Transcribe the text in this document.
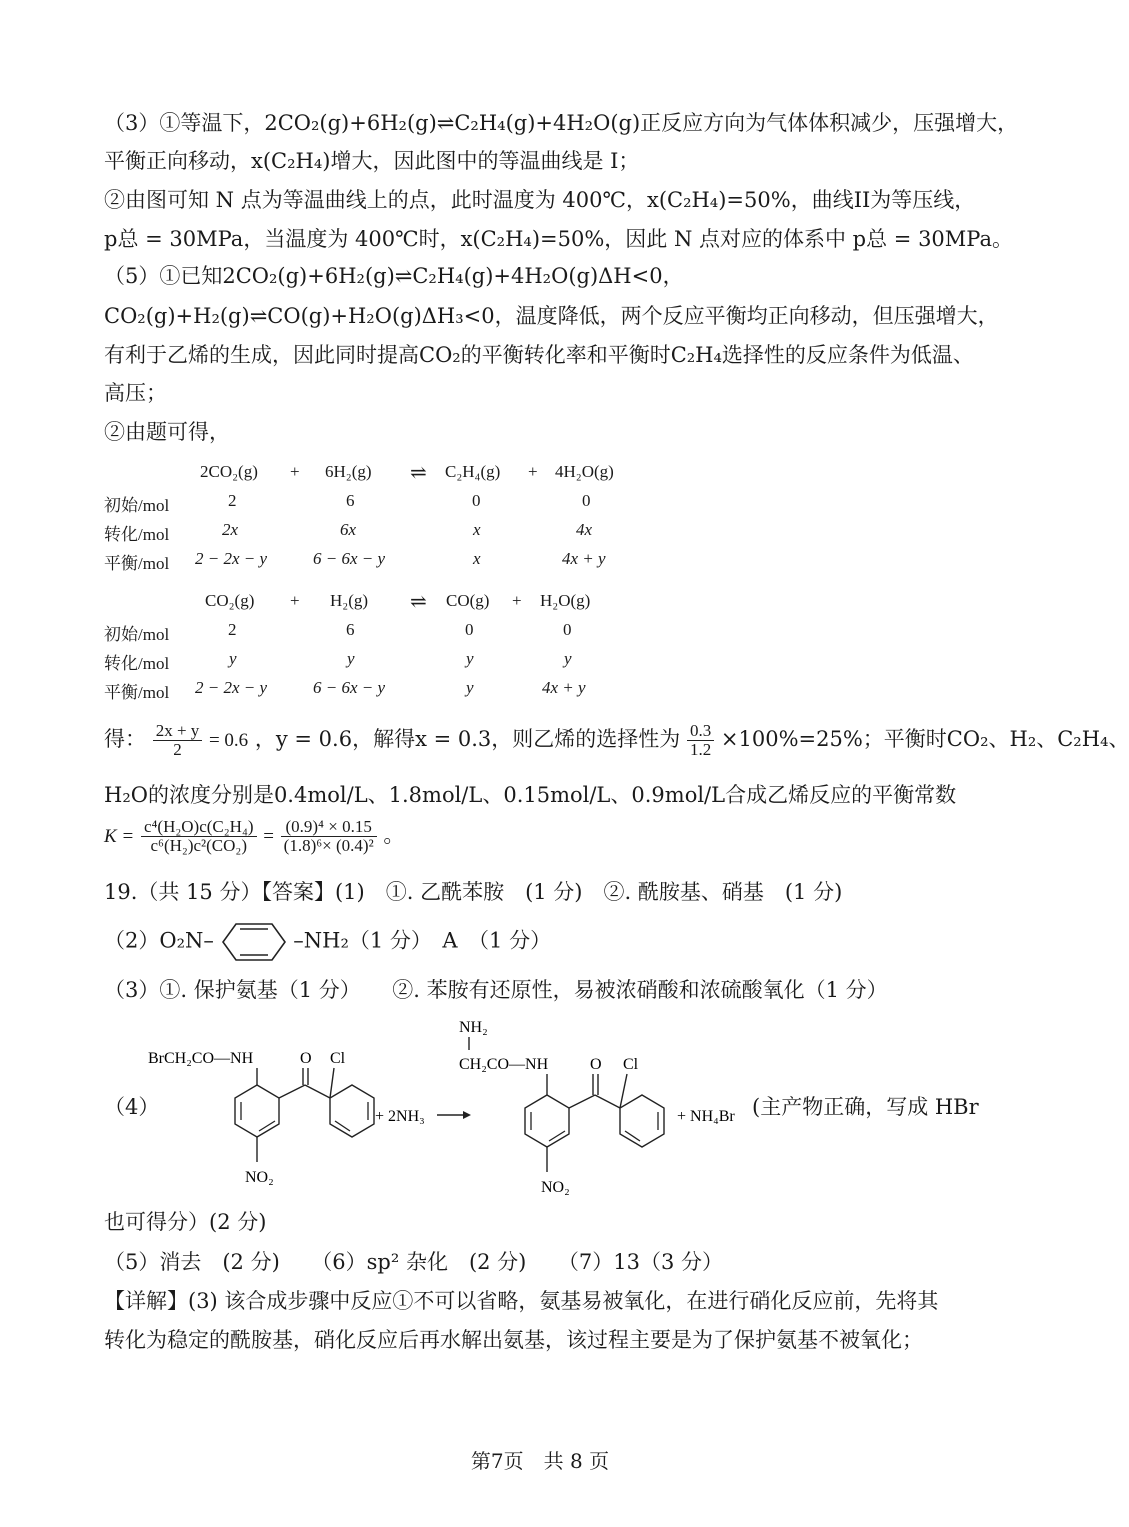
（3）①等温下，2CO₂(g)+6H₂(g)⇌C₂H₄(g)+4H₂O(g)正反应方向为气体体积减少，压强增大，
平衡正向移动，x(C₂H₄)增大，因此图中的等温曲线是 I；
②由图可知 N 点为等温曲线上的点，此时温度为 400℃，x(C₂H₄)=50%，曲线II为等压线，
p总 = 30MPa，当温度为 400℃时，x(C₂H₄)=50%，因此 N 点对应的体系中 p总 = 30MPa。
（5）①已知2CO₂(g)+6H₂(g)⇌C₂H₄(g)+4H₂O(g)ΔH<0，
CO₂(g)+H₂(g)⇌CO(g)+H₂O(g)ΔH₃<0，温度降低，两个反应平衡均正向移动，但压强增大，
有利于乙烯的生成，因此同时提高CO₂的平衡转化率和平衡时C₂H₄选择性的反应条件为低温、
高压；
②由题可得，
2CO₂(g) + 6H₂(g) ⇌ C₂H₄(g) + 4H₂O(g)
初始/mol	2	6	0	0
转化/mol	2x	6x	x	4x
平衡/mol 2 − 2x − y	6 − 6x − y	x	4x + y
CO₂(g) + H₂(g) ⇌ CO(g) + H₂O(g)
初始/mol	2	6	0	0
转化/mol	y	y	y	y
平衡/mol 2 − 2x − y	6 − 6x − y	y	4x + y
得： $\frac{2x + y}{2} = 0.6$ ，y = 0.6，解得x = 0.3，则乙烯的选择性为 $\frac{0.3}{1.2} \times 100\%=25\%$；平衡时CO₂、H₂、C₂H₄、
H₂O的浓度分别是0.4mol/L、1.8mol/L、0.15mol/L、0.9mol/L合成乙烯反应的平衡常数
$K = \frac{\text{c⁴(H₂O)c(C₂H₄)}}{\text{c⁶(H₂)c²(CO₂)}} = \frac{\text{(0.9)⁴ × 0.15}}{\text{(1.8)⁶× (0.4)²}}$ 。
19.（共 15 分）【答案】(1)　①. 乙酰苯胺　(1 分)　②. 酰胺基、硝基　(1 分)
（2）O₂N–	–NH₂（1 分）　A　（1 分）
（3）①. 保护氨基（1 分）　　②. 苯胺有还原性，易被浓硝酸和浓硫酸氧化（1 分）
（4）
BrCH₂CO—NH	O Cl
NO₂
+ 2NH₃
NH₂
CH₂CO—NH	O Cl
NO₂
+ NH₄Br (主产物正确，写成 HBr
也可得分）(2 分)
（5）消去　(2 分)　　（6）sp² 杂化　(2 分)　　（7）13（3 分）
【详解】(3) 该合成步骤中反应①不可以省略，氨基易被氧化，在进行硝化反应前，先将其
转化为稳定的酰胺基，硝化反应后再水解出氨基，该过程主要是为了保护氨基不被氧化；
第7页　共 8 页
